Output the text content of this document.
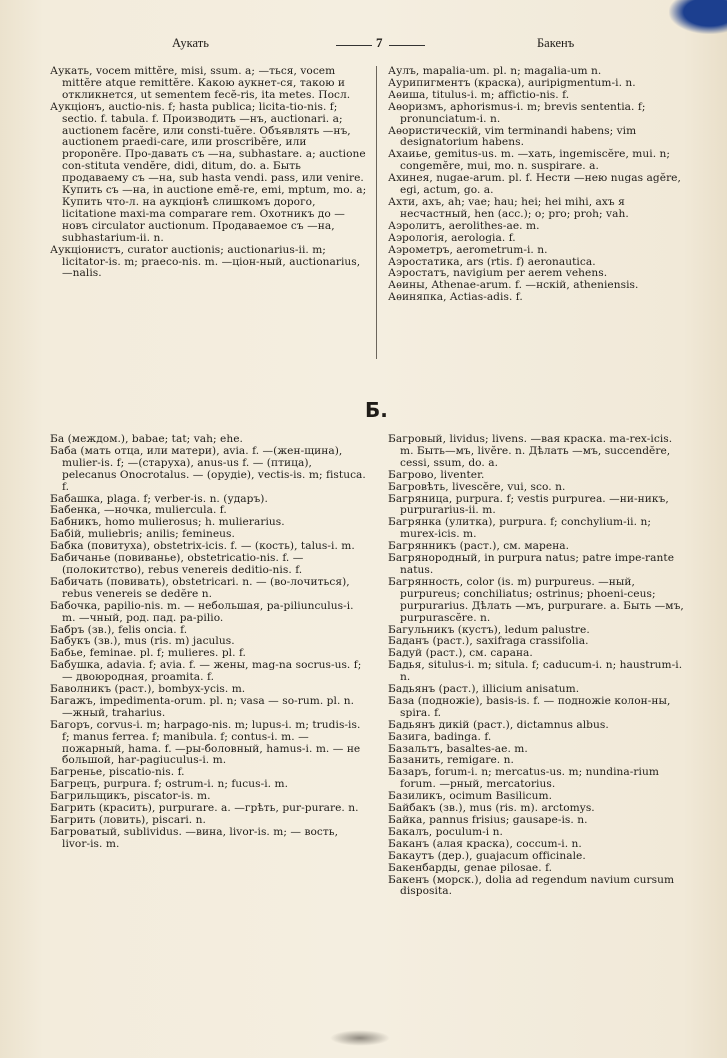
Аукать	7	Бакенъ

Аукать, vocem mittĕre, misi, ssum. a; —ться, vocem mittĕre atque remittĕre. Какою аукнет-ся, такою и откликнется, ut sementem fecĕ-ris, ita metes. Посл.

Аукціонъ, auctio-nis. f; hasta publica; licita-tio-nis. f; sectio. f. tabula. f. Производить —нъ, auctionari. a; auctionem facĕre, или consti-tuĕre. Объявлять —нъ, auctionem praedi-care, или proscribĕre, или proponĕre. Про-давать съ —на, subhastare. a; auctione con-stituta vendĕre, didi, ditum, do. a. Быть продаваему съ —на, sub hasta vendi. pass, или venire. Купить съ —на, in auctione emĕ-re, emi, mptum, mo. a; Купить что-л. на аукціонѣ слишкомъ дорого, licitatione maxi-ma comparare rem. Охотникъ до —новъ circulator auctionum. Продаваемое съ —на, subhastarium-ii. n.

Аукціонистъ, curator auctionis; auctionarius-ii. m; licitator-is. m; praeco-nis. m. —ціон-ный, auctionarius, —nalis.

Аулъ, mapalia-um. pl. n; magalia-um n.

Аурипигментъ (краска), auripigmentum-i. n.

Аѳиша, titulus-i. m; affictio-nis. f.

Аѳоризмъ, aphorismus-i. m; brevis sententia. f; pronunciatum-i. n.

Аѳористическій, vim terminandi habens; vim designatorium habens.

Ахаиье, gemitus-us. m. —хать, ingemiscĕre, mui. n; congemĕre, mui, mo. n. suspirare. a.

Ахинея, nugae-arum. pl. f. Нести —нею nugas agĕre, egi, actum, go. a.

Ахти, ахъ, ah; vae; hau; hei; hei mihi, ахъ я несчастный, hen (acc.); o; pro; proh; vah.

Аэролитъ, aerolithes-ae. m.

Аэрологія, aerologia. f.

Аэрометръ, aerometrum-i. n.

Аэростатика, ars (rtis. f) aeronautica.

Аэростатъ, navigium per aerem vehens.

Аѳины, Athenae-arum. f. —нскій, atheniensis.

Аѳиняпка, Actias-adis. f.

Б.

Ба (междом.), babae; tat; vah; ehe.

Баба (мать отца, или матери), avia. f. —(жен-щина), mulier-is. f; —(старуха), anus-us f. — (птица), pelecanus Onocrotalus. — (орудіе), vectis-is. m; fistuca. f.

Бабашка, plaga. f; verber-is. n. (ударъ).

Бабенка, —ночка, muliercula. f.

Бабникъ, homo mulierosus; h. mulierarius.

Бабій, muliebris; anilis; femineus.

Бабка (повитуха), obstetrix-icis. f. — (кость), talus-i. m.

Бабичанье (повиванье), obstetricatio-nis. f. —(полокитство), rebus venereis deditio-nis. f.

Бабичать (повивать), obstetricari. n. — (во-лочиться), rebus venereis se dedĕre n.

Бабочка, papilio-nis. m. — небольшая, pa-piliunculus-i. m. —чный, род. пад. pa-pilio.

Бабръ (зв.), felis oncia. f.

Бабукъ (зв.), mus (ris. m) jaculus.

Бабье, feminae. pl. f; mulieres. pl. f.

Бабушка, adavia. f; avia. f. — жены, mag-na socrus-us. f; — двоюродная, proamita. f.

Баволникъ (раст.), bombyx-ycis. m.

Багажъ, impedimenta-orum. pl. n; vasa — so-rum. pl. n. —жный, traharius.

Багоръ, corvus-i. m; harpago-nis. m; lupus-i. m; trudis-is. f; manus ferrea. f; manibula. f; contus-i. m. — пожарный, hama. f. —ры-боловный, hamus-i. m. — не большой, har-pagiuculus-i. m.

Багренье, piscatio-nis. f.

Багрецъ, purpura. f; ostrum-i. n; fucus-i. m.

Багрильщикъ, piscator-is. m.

Багрить (красить), purpurare. a. —грѣть, pur-purare. n.

Багрить (ловить), piscari. n.

Багроватый, sublividus. —вина, livor-is. m; — вость, livor-is. m.

Багровый, lividus; livens. —вая краска. ma-rex-icis. m. Быть—мъ, livĕre. n. Дѣлать —мъ, succendĕre, cessi, ssum, do. a.

Багрово, liventer.

Багровѣть, livescĕre, vui, sco. n.

Багряница, purpura. f; vestis purpurea. —ни-никъ, purpurarius-ii. m.

Багрянка (улитка), purpura. f; conchylium-ii. n; murex-icis. m.

Багрянникъ (раст.), см. марена.

Багрянородный, in purpura natus; patre impe-rante natus.

Багрянность, color (is. m) purpureus. —ный, purpureus; conchiliatus; ostrinus; phoeni-ceus; purpurarius. Дѣлать —мъ, purpurare. a. Быть —мъ, purpurascĕre. n.

Багульникъ (кустъ), ledum palustre.

Баданъ (раст.), saxifraga crassifolia.

Бадуй (раст.), см. сарана.

Бадья, situlus-i. m; situla. f; caducum-i. n; haustrum-i. n.

Бадьянъ (раст.), illicium anisatum.

База (подножіе), basis-is. f. — подножіе колон-ны, spira. f.

Бадьянъ дикій (раст.), dictamnus albus.

Базига, badinga. f.

Базальтъ, basaltes-ae. m.

Базанить, remigare. n.

Базаръ, forum-i. n; mercatus-us. m; nundina-rium forum. —рный, mercatorius.

Базиликъ, ocimum Basilicum.

Байбакъ (зв.), mus (ris. m). arctomys.

Байка, pannus frisius; gausape-is. n.

Бакалъ, poculum-i n.

Баканъ (алая краска), coccum-i. n.

Бакаутъ (дер.), guajacum officinale.

Бакенбарды, genae pilosae. f.

Бакенъ (морск.), dolia ad regendum navium cursum disposita.
